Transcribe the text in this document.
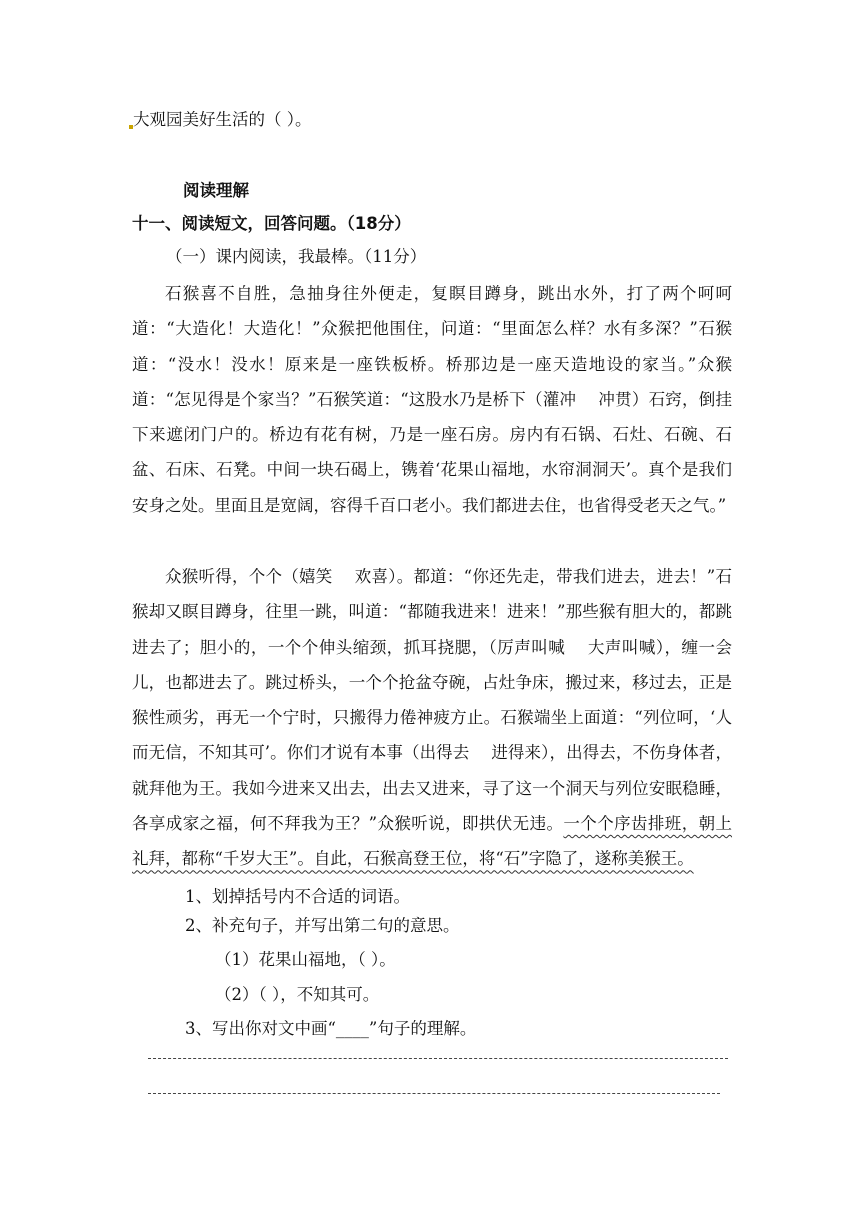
大观园美好生活的（ ）。
阅读理解
十一、阅读短文，回答问题。（18分）
（一）课内阅读，我最棒。（11分）
石猴喜不自胜，急抽身往外便走，复瞑目蹲身，跳出水外，打了两个呵呵道：“大造化！大造化！”众猴把他围住，问道：“里面怎么样？水有多深？”石猴道：“没水！没水！原来是一座铁板桥。桥那边是一座天造地设的家当。”众猴道：“怎见得是个家当？”石猴笑道：“这股水乃是桥下（灌冲　 冲贯）石窍，倒挂下来遮闭门户的。桥边有花有树，乃是一座石房。房内有石锅、石灶、石碗、石盆、石床、石凳。中间一块石碣上，镌着‘花果山福地，水帘洞洞天’。真个是我们安身之处。里面且是宽阔，容得千百口老小。我们都进去住，也省得受老天之气。”
众猴听得，个个（嬉笑　 欢喜）。都道：“你还先走，带我们进去，进去！”石猴却又瞑目蹲身，往里一跳，叫道：“都随我进来！进来！”那些猴有胆大的，都跳进去了；胆小的，一个个伸头缩颈，抓耳挠腮，（厉声叫喊　 大声叫喊），缠一会儿，也都进去了。跳过桥头，一个个抢盆夺碗，占灶争床，搬过来，移过去，正是猴性顽劣，再无一个宁时，只搬得力倦神疲方止。石猴端坐上面道：“列位呵，‘人而无信，不知其可’。你们才说有本事（出得去　 进得来），出得去，不伤身体者，就拜他为王。我如今进来又出去，出去又进来，寻了这一个洞天与列位安眠稳睡，各享成家之福，何不拜我为王？”众猴听说，即拱伏无违。一个个序齿排班，朝上礼拜，都称“千岁大王”。自此，石猴高登王位，将“石”字隐了，遂称美猴王。
1、划掉括号内不合适的词语。
2、补充句子，并写出第二句的意思。
（1）花果山福地，（ ）。
（2）（ ），不知其可。
3、写出你对文中画“____”句子的理解。
